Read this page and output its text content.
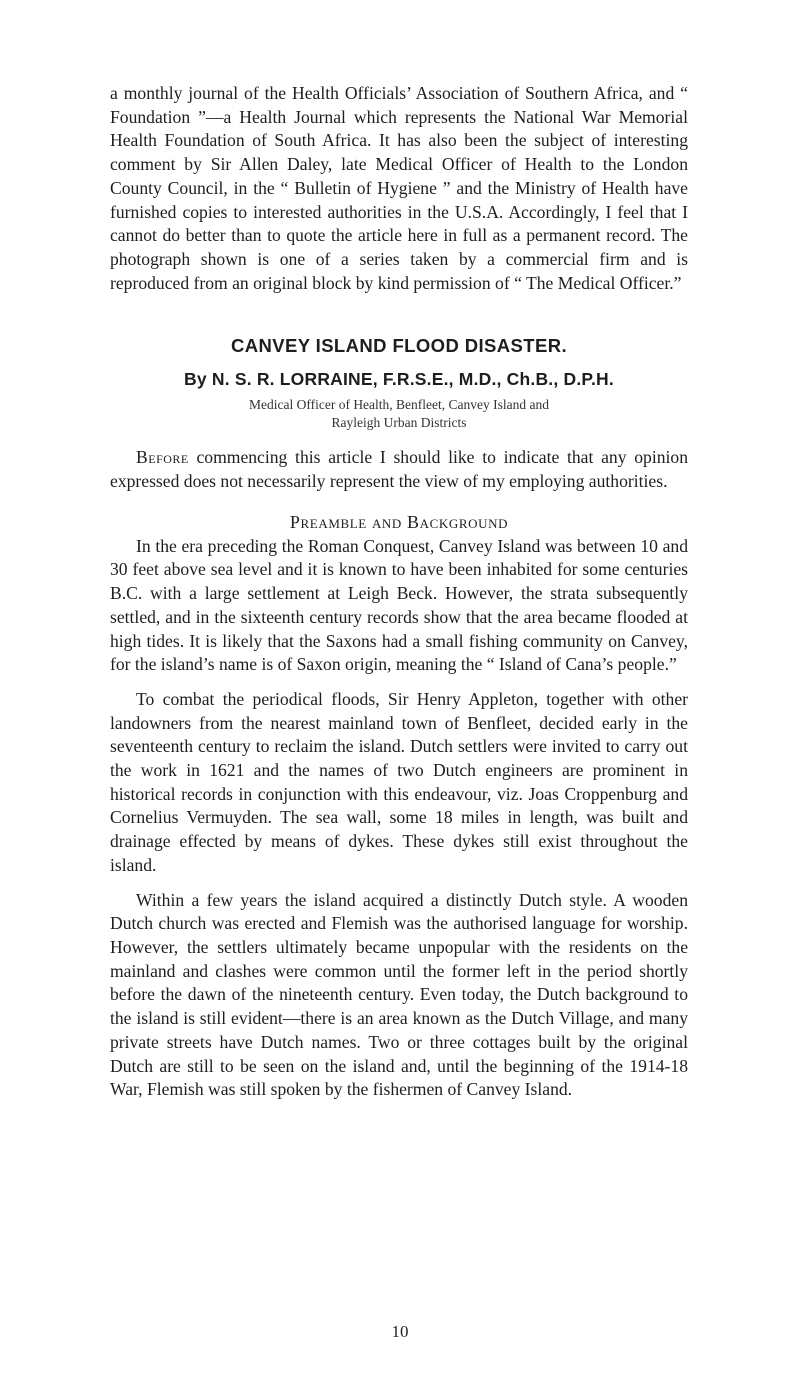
a monthly journal of the Health Officials’ Association of Southern Africa, and “ Foundation ”—a Health Journal which represents the National War Memorial Health Foundation of South Africa. It has also been the subject of interesting comment by Sir Allen Daley, late Medical Officer of Health to the London County Council, in the “ Bulletin of Hygiene ” and the Ministry of Health have furnished copies to interested authorities in the U.S.A. Accordingly, I feel that I cannot do better than to quote the article here in full as a permanent record. The photograph shown is one of a series taken by a commercial firm and is reproduced from an original block by kind permission of “ The Medical Officer.”

CANVEY ISLAND FLOOD DISASTER.
By N. S. R. LORRAINE, F.R.S.E., M.D., Ch.B., D.P.H.
Medical Officer of Health, Benfleet, Canvey Island and
Rayleigh Urban Districts

Before commencing this article I should like to indicate that any opinion expressed does not necessarily represent the view of my employing authorities.

Preamble and Background

In the era preceding the Roman Conquest, Canvey Island was between 10 and 30 feet above sea level and it is known to have been inhabited for some centuries B.C. with a large settlement at Leigh Beck. However, the strata subsequently settled, and in the sixteenth century records show that the area became flooded at high tides. It is likely that the Saxons had a small fishing community on Canvey, for the island’s name is of Saxon origin, meaning the “ Island of Cana’s people.”

To combat the periodical floods, Sir Henry Appleton, together with other landowners from the nearest mainland town of Benfleet, decided early in the seventeenth century to reclaim the island. Dutch settlers were invited to carry out the work in 1621 and the names of two Dutch engineers are prominent in historical records in conjunction with this endeavour, viz. Joas Croppenburg and Cornelius Vermuyden. The sea wall, some 18 miles in length, was built and drainage effected by means of dykes. These dykes still exist throughout the island.

Within a few years the island acquired a distinctly Dutch style. A wooden Dutch church was erected and Flemish was the authorised language for worship. However, the settlers ultimately became unpopular with the residents on the mainland and clashes were common until the former left in the period shortly before the dawn of the nineteenth century. Even today, the Dutch background to the island is still evident—there is an area known as the Dutch Village, and many private streets have Dutch names. Two or three cottages built by the original Dutch are still to be seen on the island and, until the beginning of the 1914-18 War, Flemish was still spoken by the fishermen of Canvey Island.

10
